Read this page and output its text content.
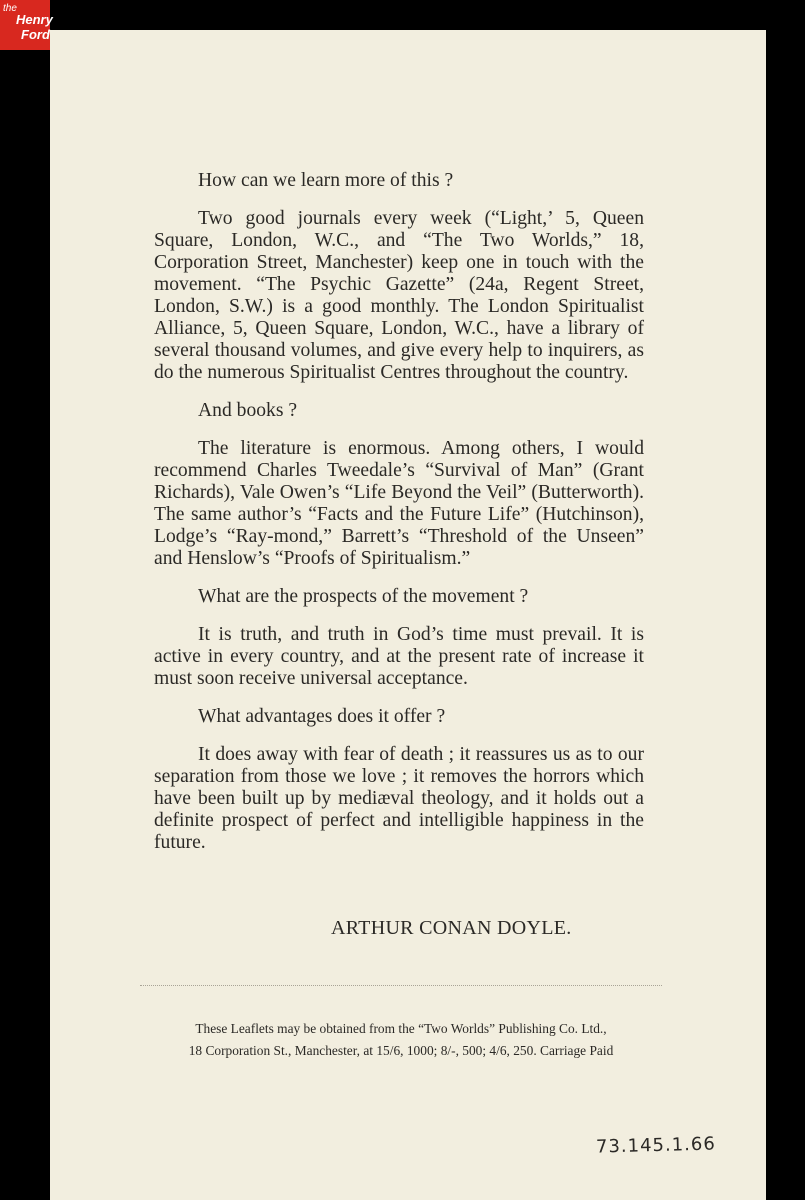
the
Henry
Ford

How can we learn more of this ?

Two good journals every week (“Light,’ 5, Queen Square, London, W.C., and “The Two Worlds,” 18, Corporation Street, Manchester) keep one in touch with the movement. “The Psychic Gazette” (24a, Regent Street, London, S.W.) is a good monthly. The London Spiritualist Alliance, 5, Queen Square, London, W.C., have a library of several thousand volumes, and give every help to inquirers, as do the numerous Spiritualist Centres throughout the country.

And books ?

The literature is enormous. Among others, I would recommend Charles Tweedale’s “Survival of Man” (Grant Richards), Vale Owen’s “Life Beyond the Veil” (Butterworth). The same author’s “Facts and the Future Life” (Hutchinson), Lodge’s “Ray-mond,” Barrett’s “Threshold of the Unseen” and Henslow’s “Proofs of Spiritualism.”

What are the prospects of the movement ?

It is truth, and truth in God’s time must prevail. It is active in every country, and at the present rate of increase it must soon receive universal acceptance.

What advantages does it offer ?

It does away with fear of death ; it reassures us as to our separation from those we love ; it removes the horrors which have been built up by mediæval theology, and it holds out a definite prospect of perfect and intelligible happiness in the future.

ARTHUR CONAN DOYLE.
These Leaflets may be obtained from the “Two Worlds” Publishing Co. Ltd.,
18 Corporation St., Manchester, at 15/6, 1000; 8/-, 500; 4/6, 250. Carriage Paid
73.145.1.66
